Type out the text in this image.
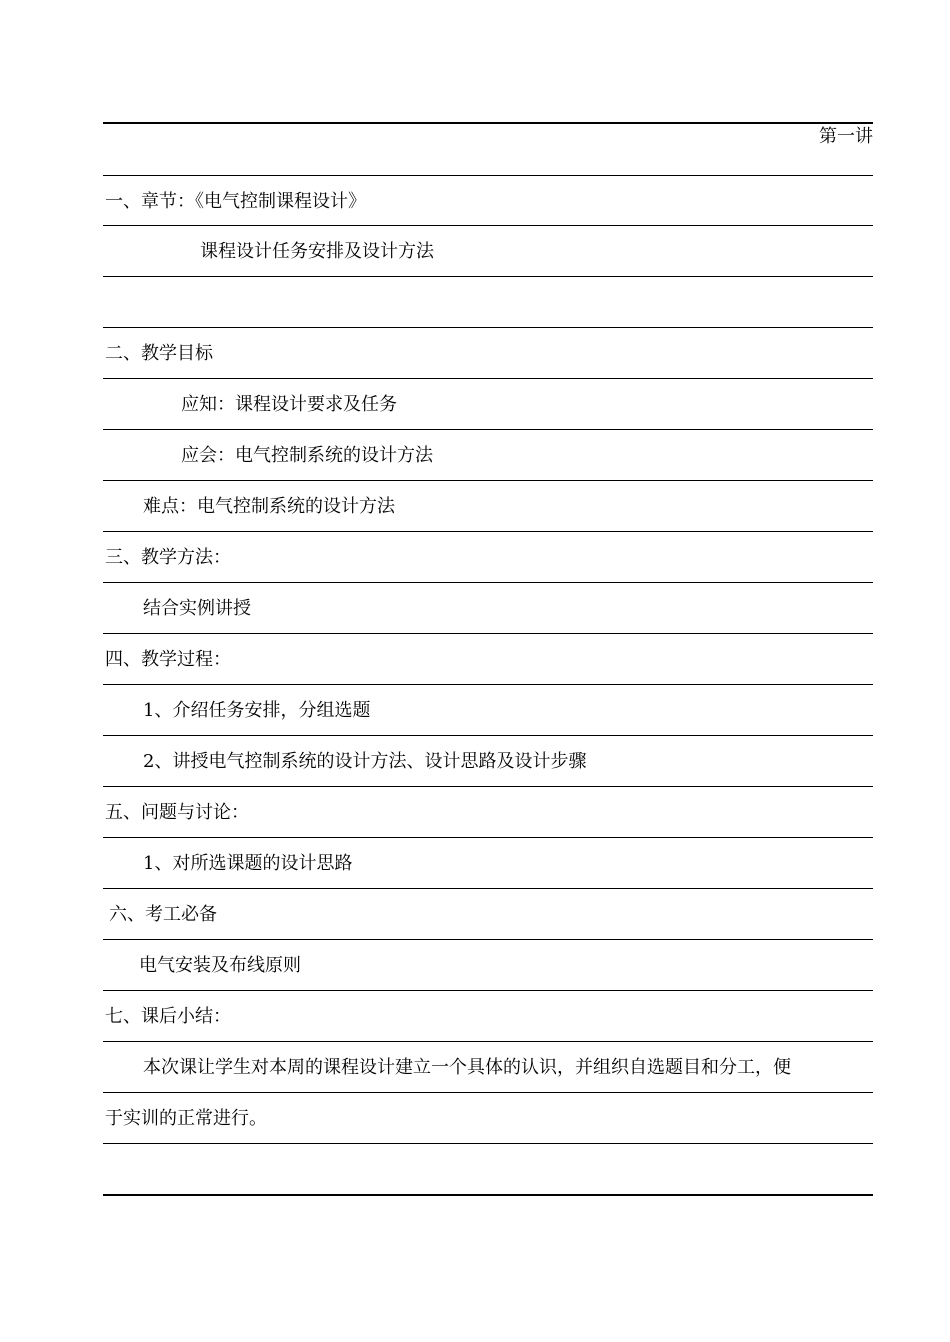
第一讲
一、章节：《电气控制课程设计》
课程设计任务安排及设计方法
二、教学目标
应知：课程设计要求及任务
应会：电气控制系统的设计方法
难点：电气控制系统的设计方法
三、教学方法：
结合实例讲授
四、教学过程：
1、介绍任务安排，分组选题
2、讲授电气控制系统的设计方法、设计思路及设计步骤
五、问题与讨论：
1、对所选课题的设计思路
六、考工必备
电气安装及布线原则
七、课后小结：
本次课让学生对本周的课程设计建立一个具体的认识，并组织自选题目和分工，便
于实训的正常进行。
